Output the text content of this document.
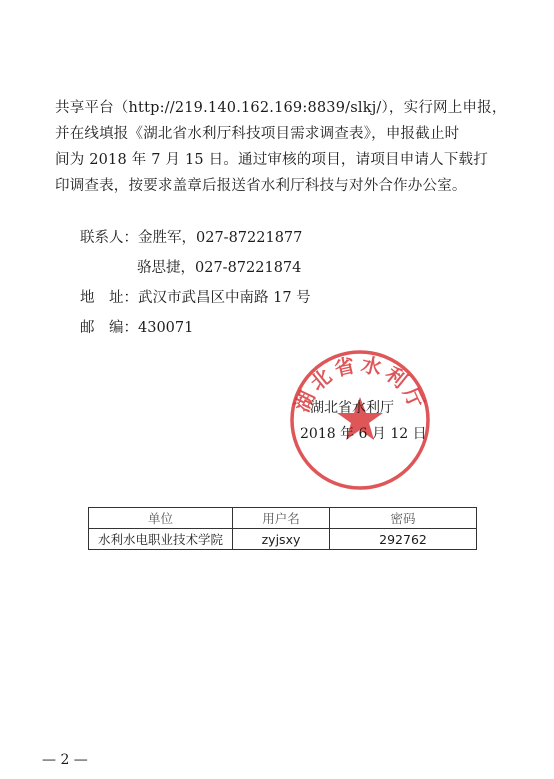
共享平台（http://219.140.162.169:8839/slkj/），实行网上申报，
并在线填报《湖北省水利厅科技项目需求调查表》，申报截止时
间为 2018 年 7 月 15 日。通过审核的项目，请项目申请人下载打
印调查表，按要求盖章后报送省水利厅科技与对外合作办公室。
联系人：金胜军，027-87221877
骆思捷，027-87221874
地　址：武汉市武昌区中南路 17 号
邮　编：430071
湖北省水利厅
湖北省水利厅
2018 年 6 月 12 日
单位	用户名	密码
水利水电职业技术学院	zyjsxy	292762
— 2 —
